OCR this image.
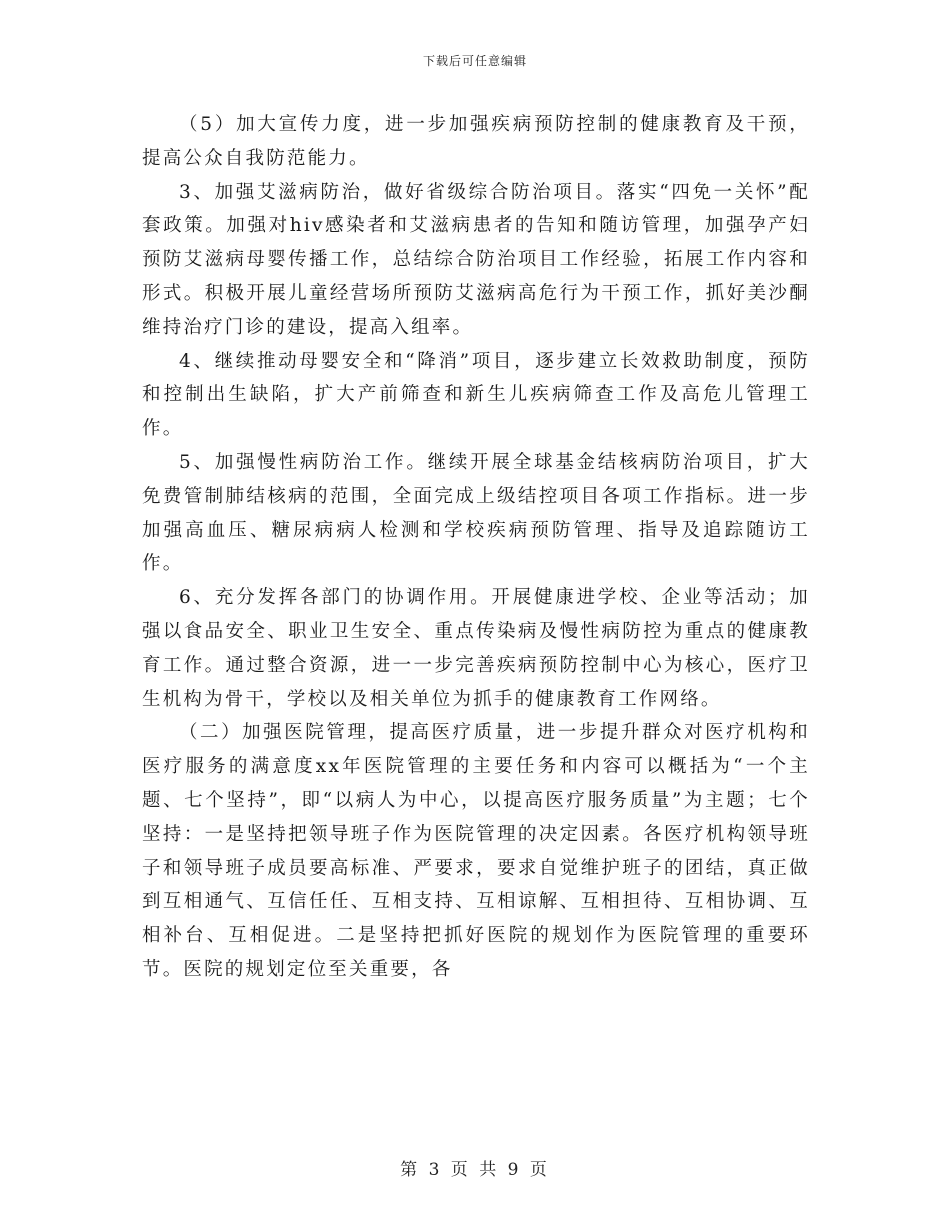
下载后可任意编辑

（5）加大宣传力度，进一步加强疾病预防控制的健康教育及干预，提高公众自我防范能力。

3、加强艾滋病防治，做好省级综合防治项目。落实“四免一关怀”配套政策。加强对hiv感染者和艾滋病患者的告知和随访管理，加强孕产妇预防艾滋病母婴传播工作，总结综合防治项目工作经验，拓展工作内容和形式。积极开展儿童经营场所预防艾滋病高危行为干预工作，抓好美沙酮维持治疗门诊的建设，提高入组率。

4、继续推动母婴安全和“降消”项目，逐步建立长效救助制度，预防和控制出生缺陷，扩大产前筛查和新生儿疾病筛查工作及高危儿管理工作。

5、加强慢性病防治工作。继续开展全球基金结核病防治项目，扩大免费管制肺结核病的范围，全面完成上级结控项目各项工作指标。进一步加强高血压、糖尿病病人检测和学校疾病预防管理、指导及追踪随访工作。

6、充分发挥各部门的协调作用。开展健康进学校、企业等活动；加强以食品安全、职业卫生安全、重点传染病及慢性病防控为重点的健康教育工作。通过整合资源，进一一步完善疾病预防控制中心为核心，医疗卫生机构为骨干，学校以及相关单位为抓手的健康教育工作网络。

（二）加强医院管理，提高医疗质量，进一步提升群众对医疗机构和医疗服务的满意度xx年医院管理的主要任务和内容可以概括为“一个主题、七个坚持”，即“以病人为中心，以提高医疗服务质量”为主题；七个坚持：一是坚持把领导班子作为医院管理的决定因素。各医疗机构领导班子和领导班子成员要高标准、严要求，要求自觉维护班子的团结，真正做到互相通气、互信任任、互相支持、互相谅解、互相担待、互相协调、互相补台、互相促进。二是坚持把抓好医院的规划作为医院管理的重要环节。医院的规划定位至关重要，各

第 3 页 共 9 页
